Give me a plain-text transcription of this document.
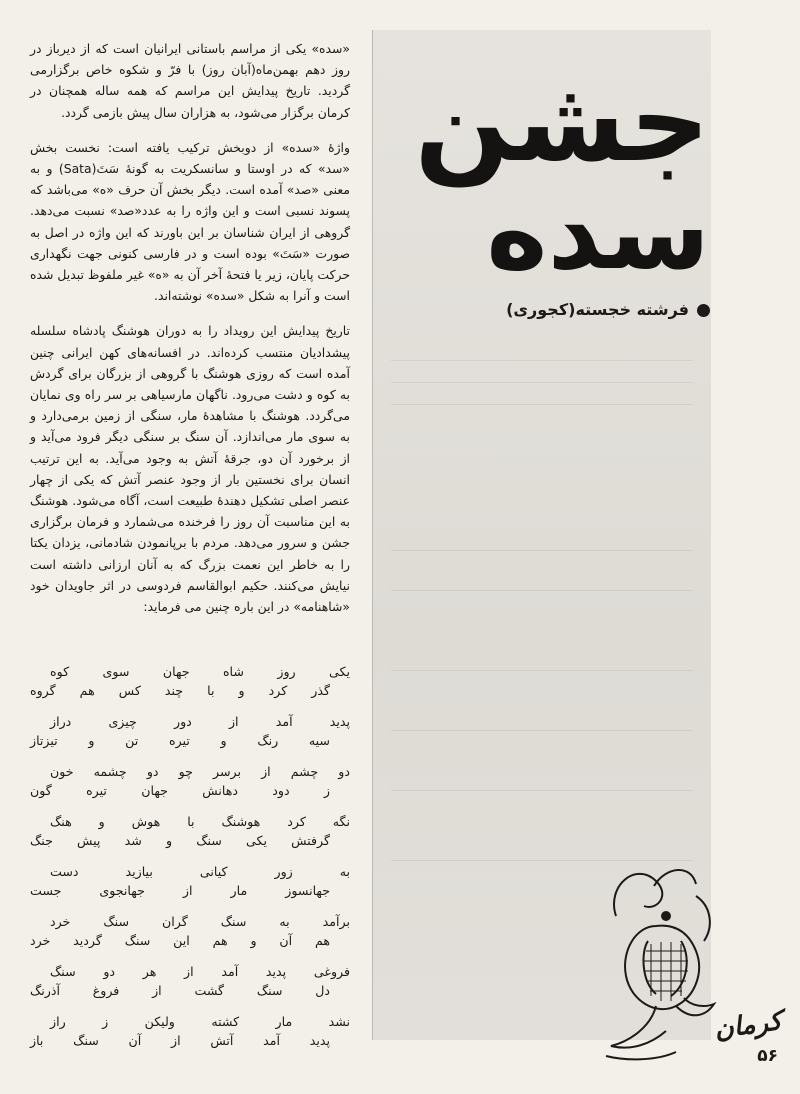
جشن
سده
فرشته خجسته(کجوری)

«سده» یکی از مراسم باستانی ایرانیان است که از دیرباز در روز دهم بهمن‌ماه(آبان روز) با فرّ و شکوه خاص برگزارمی گردید. تاریخ پیدایش این مراسم که همه ساله همچنان در کرمان برگزار می‌شود، به هزاران سال پیش بازمی گردد.

واژهٔ «سده» از دوبخش ترکیب یافته است: نخست بخش «سد» که در اوستا و سانسکریت به گونهٔ سَتَ(Sata) و به معنی «صد» آمده است. دیگر بخش آن حرف «ه» می‌باشد که پسوند نسبی است و این واژه را به عدد«صد» نسبت می‌دهد. گروهی از ایران شناسان بر این باورند که این واژه در اصل به صورت «سَتَ» بوده است و در فارسی کنونی جهت نگهداری حرکت پایان، زیر یا فتحهٔ آخر آن به «ه» غیر ملفوظ تبدیل شده است و آنرا به شکل «سده» نوشته‌اند.

تاریخ پیدایش این رویداد را به دوران هوشنگ پادشاه سلسله پیشدادیان منتسب کرده‌اند. در افسانه‌های کهن ایرانی چنین آمده است که روزی هوشنگ با گروهی از بزرگان برای گردش به کوه و دشت می‌رود. ناگهان مارسیاهی بر سر راه وی نمایان می‌گردد. هوشنگ با مشاهدهٔ مار، سنگی از زمین برمی‌دارد و به سوی مار می‌اندازد. آن سنگ بر سنگی دیگر فرود می‌آید و از برخورد آن دو، جرقهٔ آتش به وجود می‌آید. به این ترتیب انسان برای نخستین بار از وجود عنصر آتش که یکی از چهار عنصر اصلی تشکیل دهندهٔ طبیعت است، آگاه می‌شود. هوشنگ به این مناسبت آن روز را فرخنده می‌شمارد و فرمان برگزاری جشن و سرور می‌دهد. مردم با برپانمودن شادمانی، یزدان یکتا را به خاطر این نعمت بزرگ که به آنان ارزانی داشته است نیایش می‌کنند. حکیم ابوالقاسم فردوسی در اثر جاویدان خود «شاهنامه» در این باره چنین می فرماید:

یکی روز شاه جهان سوی کوه
گذر کرد و با چند کس هم گروه
پدید آمد از دور چیزی دراز
سیه رنگ و تیره تن و تیزتاز
دو چشم از برسر چو دو چشمه خون
ز دود دهانش جهان تیره گون
نگه کرد هوشنگ با هوش و هنگ
گرفتش یکی سنگ و شد پیش جنگ
به زور کیانی بیازید دست
جهانسوز مار از جهانجوی جست
برآمد به سنگ گران سنگ خرد
هم آن و هم این سنگ گردید خرد
فروغی پدید آمد از هر دو سنگ
دل سنگ گشت از فروغ آذرنگ
نشد مار کشته ولیکن ز راز
پدید آمد آتش از آن سنگ باز	کرمان
۵۶
